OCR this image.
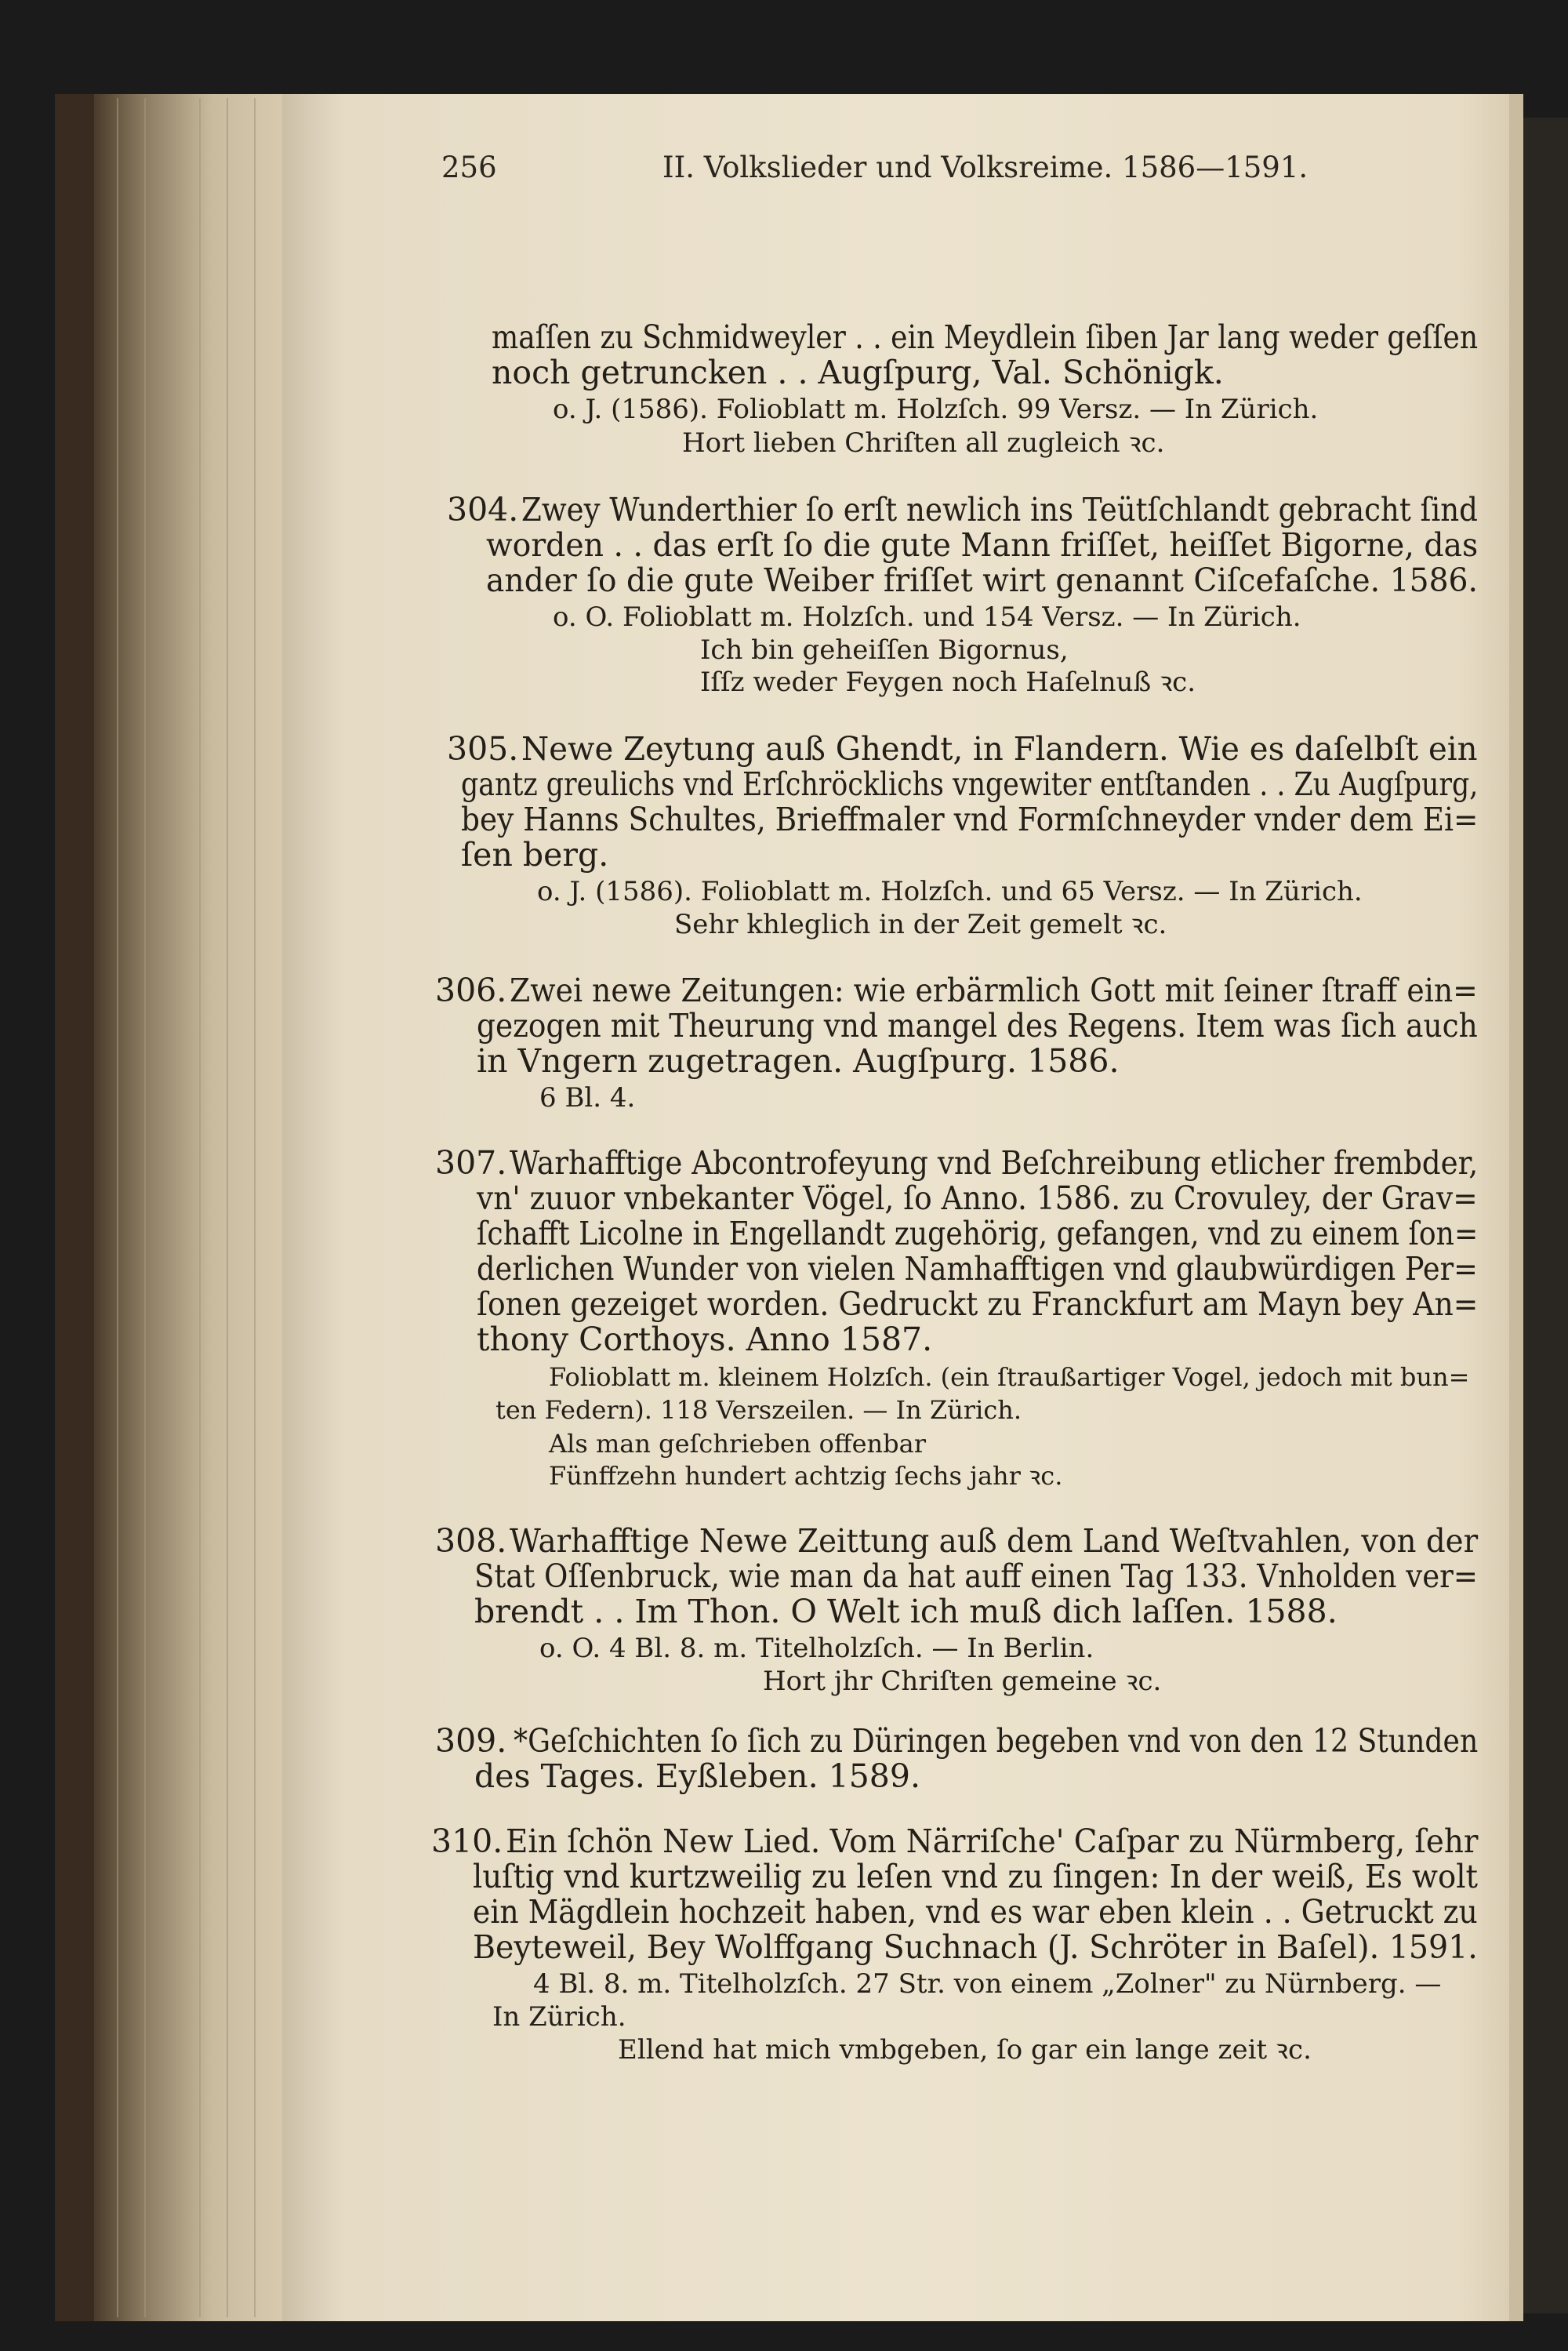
256	II. Volkslieder und Volksreime. 1586—1591.
maſſen zu Schmidweyler . . ein Meydlein ſiben Jar lang weder geſſen
noch getruncken . . Augſpurg, Val. Schönigk.
o. J. (1586). Folioblatt m. Holzſch. 99 Versz. — In Zürich.
Hort lieben Chriſten all zugleich ꝛc.
304. Zwey Wunderthier ſo erſt newlich ins Teütſchlandt gebracht ſind
worden . . das erſt ſo die gute Mann friſſet, heiſſet Bigorne, das
ander ſo die gute Weiber friſſet wirt genannt Ciſcefaſche. 1586.
o. O. Folioblatt m. Holzſch. und 154 Versz. — In Zürich.
Ich bin geheiſſen Bigornus,
Iſſz weder Feygen noch Haſelnuß ꝛc.
305. Newe Zeytung auß Ghendt, in Flandern. Wie es daſelbſt ein
gantz greulichs vnd Erſchröcklichs vngewiter entſtanden . . Zu Augſpurg,
bey Hanns Schultes, Brieffmaler vnd Formſchneyder vnder dem Ei=
ſen berg.
o. J. (1586). Folioblatt m. Holzſch. und 65 Versz. — In Zürich.
Sehr khleglich in der Zeit gemelt ꝛc.
306. Zwei newe Zeitungen: wie erbärmlich Gott mit ſeiner ſtraff ein=
gezogen mit Theurung vnd mangel des Regens. Item was ſich auch
in Vngern zugetragen. Augſpurg. 1586.
6 Bl. 4.
307. Warhafftige Abcontrofeyung vnd Beſchreibung etlicher frembder,
vn' zuuor vnbekanter Vögel, ſo Anno. 1586. zu Crovuley, der Grav=
ſchafft Licolne in Engellandt zugehörig, gefangen, vnd zu einem ſon=
derlichen Wunder von vielen Namhafftigen vnd glaubwürdigen Per=
ſonen gezeiget worden. Gedruckt zu Franckfurt am Mayn bey An=
thony Corthoys. Anno 1587.
Folioblatt m. kleinem Holzſch. (ein ſtraußartiger Vogel, jedoch mit bun=
ten Federn). 118 Verszeilen. — In Zürich.
Als man geſchrieben offenbar
Fünffzehn hundert achtzig ſechs jahr ꝛc.
308. Warhafftige Newe Zeittung auß dem Land Weſtvahlen, von der
Stat Oſſenbruck, wie man da hat auff einen Tag 133. Vnholden ver=
brendt . . Im Thon. O Welt ich muß dich laſſen. 1588.
o. O. 4 Bl. 8. m. Titelholzſch. — In Berlin.
Hort jhr Chriſten gemeine ꝛc.
309. *Geſchichten ſo ſich zu Düringen begeben vnd von den 12 Stunden
des Tages. Eyßleben. 1589.
310. Ein ſchön New Lied. Vom Närriſche' Caſpar zu Nürmberg, ſehr
luſtig vnd kurtzweilig zu leſen vnd zu ſingen: In der weiß, Es wolt
ein Mägdlein hochzeit haben, vnd es war eben klein . . Getruckt zu
Beyteweil, Bey Wolffgang Suchnach (J. Schröter in Baſel). 1591.
4 Bl. 8. m. Titelholzſch. 27 Str. von einem „Zolner" zu Nürnberg. —
In Zürich.
Ellend hat mich vmbgeben, ſo gar ein lange zeit ꝛc.
